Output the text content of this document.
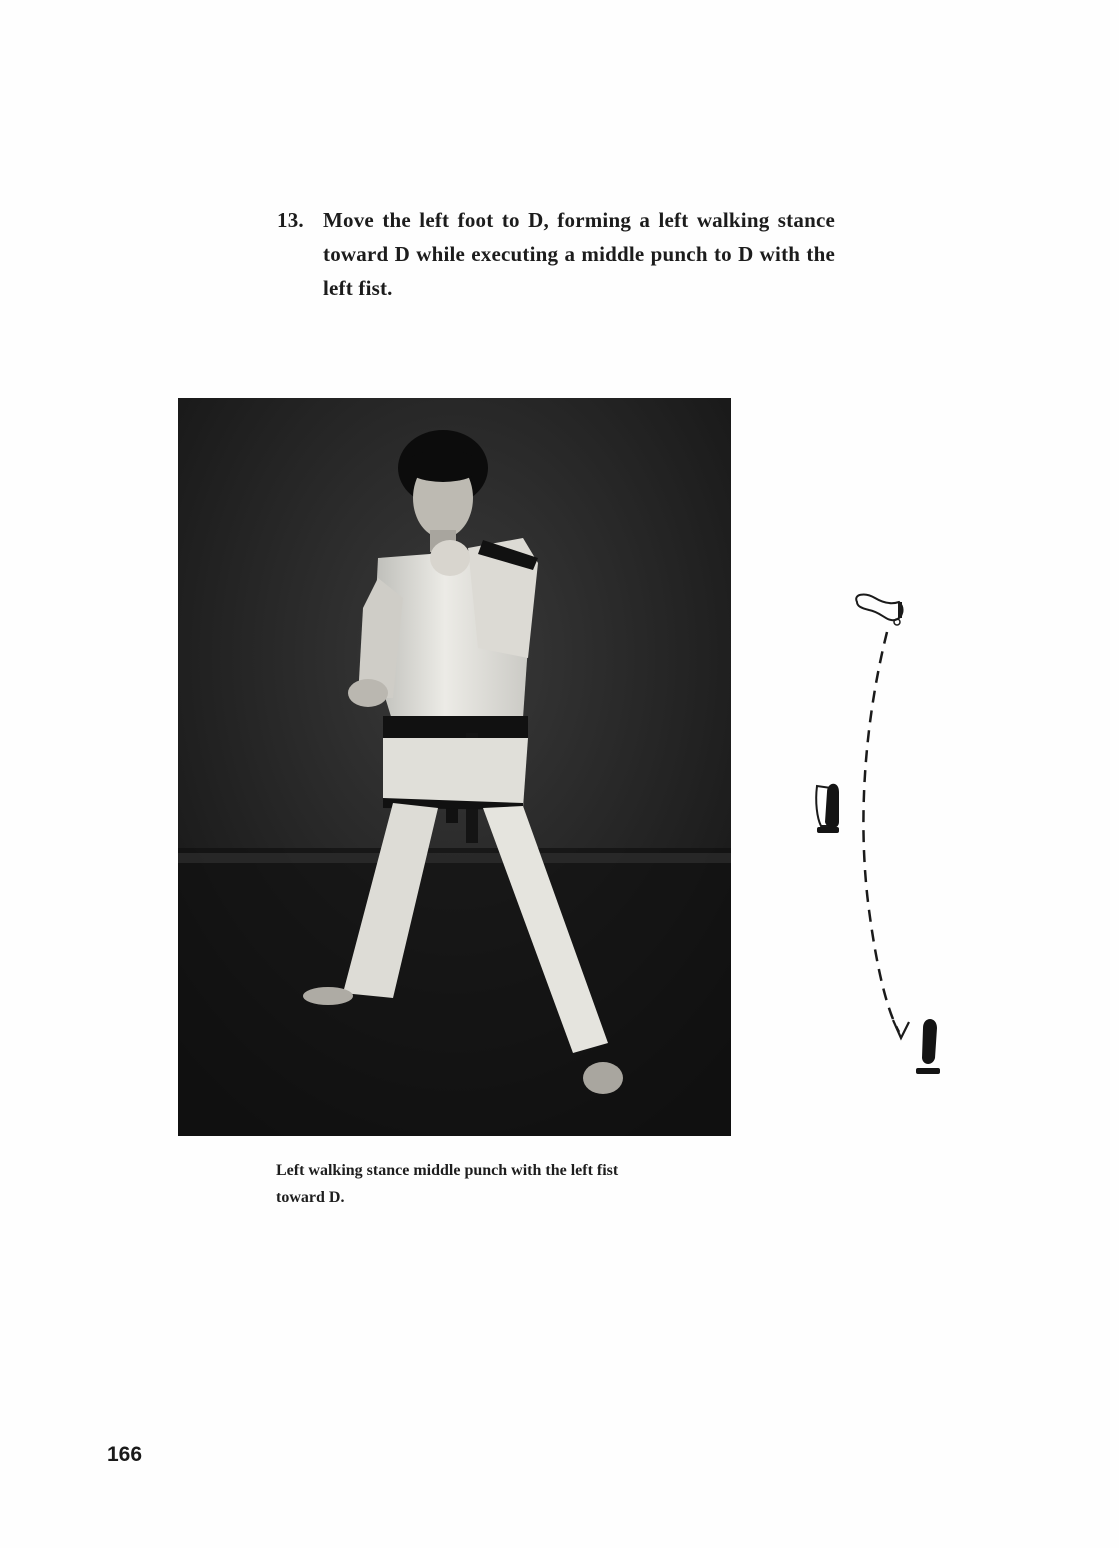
13. Move the left foot to D, forming a left walking stance toward D while executing a middle punch to D with the left fist.
Left walking stance middle punch with the left fist toward D.
166
